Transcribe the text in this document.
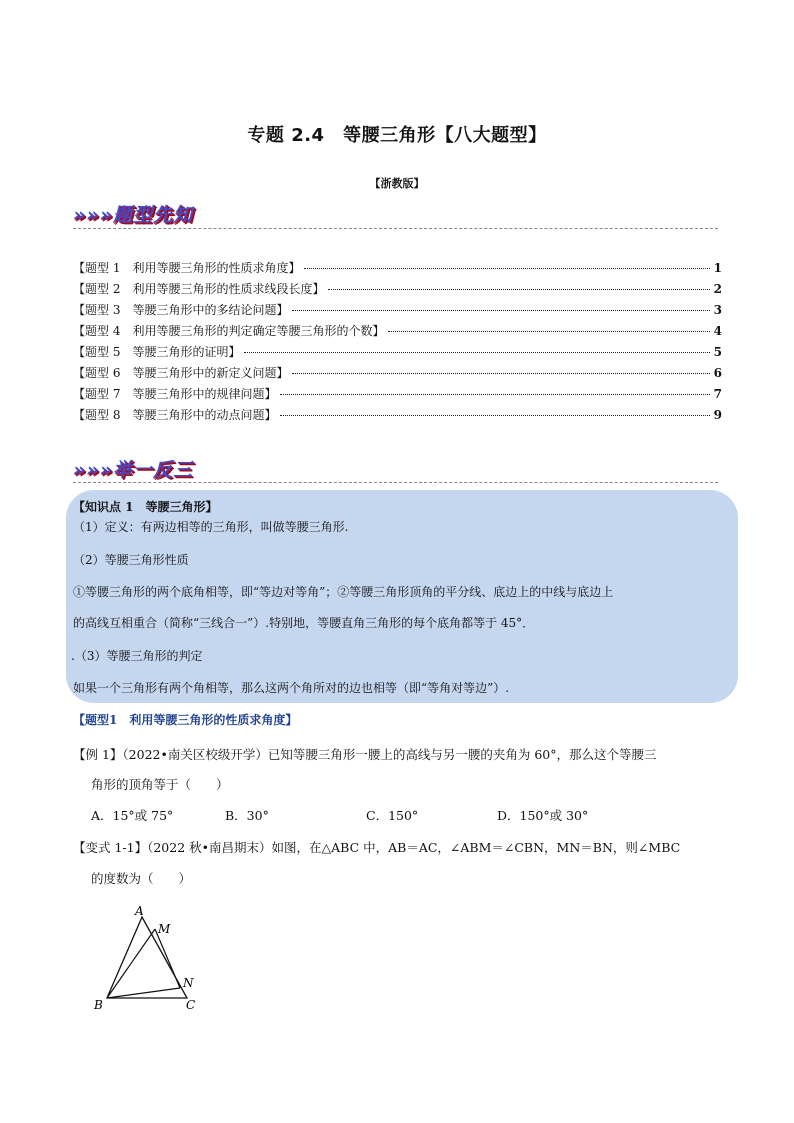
专题 2.4　等腰三角形【八大题型】
【浙教版】
»»»题型先知
【题型 1　利用等腰三角形的性质求角度】	1
【题型 2　利用等腰三角形的性质求线段长度】	2
【题型 3　等腰三角形中的多结论问题】	3
【题型 4　利用等腰三角形的判定确定等腰三角形的个数】	4
【题型 5　等腰三角形的证明】	5
【题型 6　等腰三角形中的新定义问题】	6
【题型 7　等腰三角形中的规律问题】	7
【题型 8　等腰三角形中的动点问题】	9
»»»举一反三
【知识点 1　等腰三角形】
（1）定义：有两边相等的三角形，叫做等腰三角形.
（2）等腰三角形性质
①等腰三角形的两个底角相等，即“等边对等角”；②等腰三角形顶角的平分线、底边上的中线与底边上
的高线互相重合（简称“三线合一”）.特别地，等腰直角三角形的每个底角都等于 45°．
.（3）等腰三角形的判定
如果一个三角形有两个角相等，那么这两个角所对的边也相等（即“等角对等边”）.
【题型1　利用等腰三角形的性质求角度】
【例 1】（2022•南关区校级开学）已知等腰三角形一腰上的高线与另一腰的夹角为 60°，那么这个等腰三
角形的顶角等于（　　）
A．15°或 75°	B．30°	C．150°	D．150°或 30°
【变式 1-1】（2022 秋•南昌期末）如图，在△ABC 中，AB＝AC，∠ABM＝∠CBN，MN＝BN，则∠MBC
的度数为（　　）
A
M
N
B	C
